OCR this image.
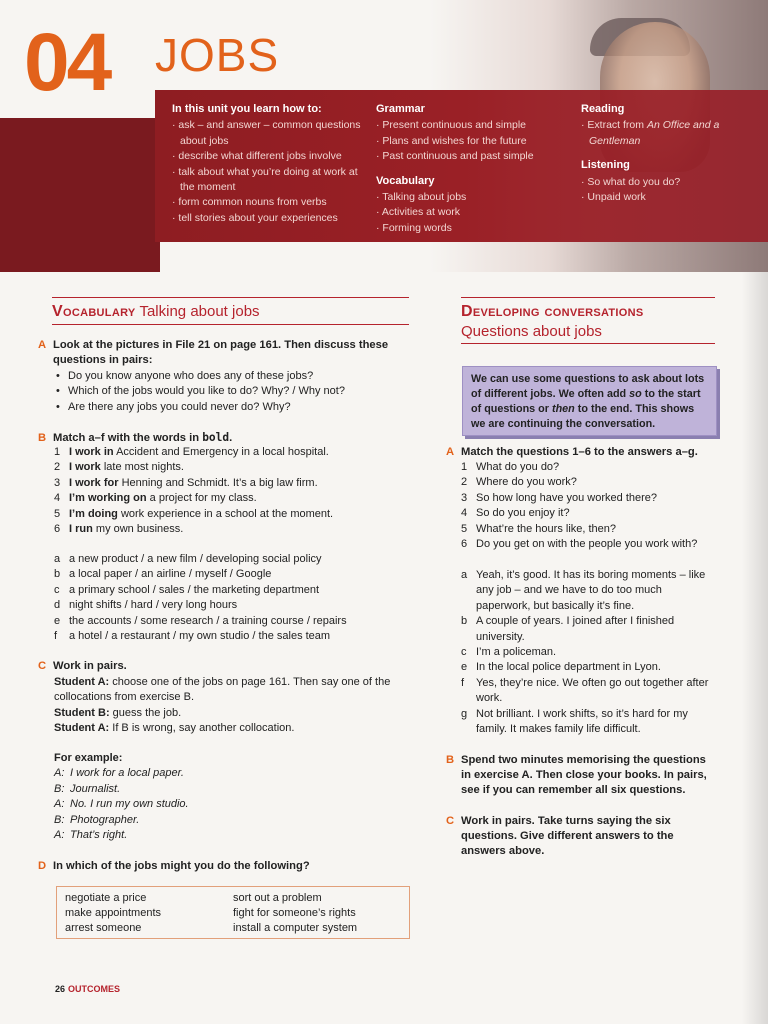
04 JOBS
In this unit you learn how to:
· ask – and answer – common questions about jobs
· describe what different jobs involve
· talk about what you’re doing at work at the moment
· form common nouns from verbs
· tell stories about your experiences
Grammar
· Present continuous and simple
· Plans and wishes for the future
· Past continuous and past simple
Vocabulary
· Talking about jobs
· Activities at work
· Forming words
Reading
· Extract from An Office and a Gentleman
Listening
· So what do you do?
· Unpaid work
Vocabulary Talking about jobs
A Look at the pictures in File 21 on page 161. Then discuss these questions in pairs:
• Do you know anyone who does any of these jobs?
• Which of the jobs would you like to do? Why? / Why not?
• Are there any jobs you could never do? Why?
B Match a–f with the words in bold.
1 I work in Accident and Emergency in a local hospital.
2 I work late most nights.
3 I work for Henning and Schmidt. It’s a big law firm.
4 I’m working on a project for my class.
5 I’m doing work experience in a school at the moment.
6 I run my own business.
a a new product / a new film / developing social policy
b a local paper / an airline / myself / Google
c a primary school / sales / the marketing department
d night shifts / hard / very long hours
e the accounts / some research / a training course / repairs
f	a hotel / a restaurant / my own studio / the sales team
C Work in pairs.
Student A: choose one of the jobs on page 161. Then say one of the collocations from exercise B.
Student B: guess the job.
Student A: If B is wrong, say another collocation.
For example:
A: I work for a local paper.
B: Journalist.
A: No. I run my own studio.
B: Photographer.
A: That’s right.
D In which of the jobs might you do the following?
negotiate a price
make appointments
arrest someone
sort out a problem
fight for someone’s rights
install a computer system
Developing conversations
Questions about jobs
We can use some questions to ask about lots of different jobs. We often add so to the start of questions or then to the end. This shows we are continuing the conversation.
A Match the questions 1–6 to the answers a–g.
1 What do you do?
2 Where do you work?
3 So how long have you worked there?
4 So do you enjoy it?
5 What’re the hours like, then?
6 Do you get on with the people you work with?
a Yeah, it’s good. It has its boring moments – like any job – and we have to do too much paperwork, but basically it’s fine.
b A couple of years. I joined after I finished university.
c I’m a policeman.
e In the local police department in Lyon.
f	Yes, they’re nice. We often go out together after work.
g Not brilliant. I work shifts, so it’s hard for my family. It makes family life difficult.
B Spend two minutes memorising the questions in exercise A. Then close your books. In pairs, see if you can remember all six questions.
C Work in pairs. Take turns saying the six questions. Give different answers to the answers above.
26 OUTCOMES
